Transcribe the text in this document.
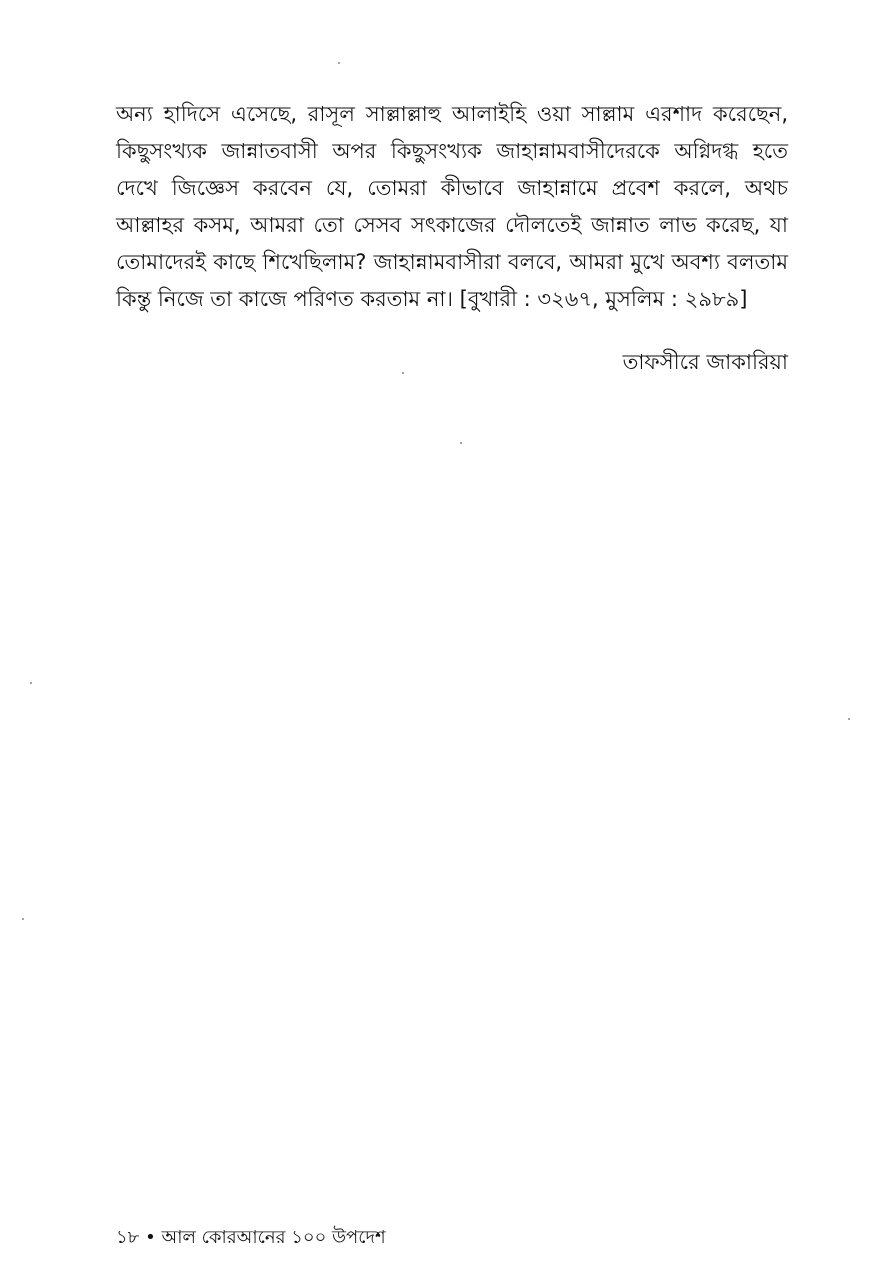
অন্য হাদিসে এসেছে, রাসূল সাল্লাল্লাহু আলাইহি ওয়া সাল্লাম এরশাদ করেছেন, কিছুসংখ্যক জান্নাতবাসী অপর কিছুসংখ্যক জাহান্নামবাসীদেরকে অগ্নিদগ্ধ হতে দেখে জিজ্ঞেস করবেন যে, তোমরা কীভাবে জাহান্নামে প্রবেশ করলে, অথচ আল্লাহর কসম, আমরা তো সেসব সৎকাজের দৌলতেই জান্নাত লাভ করেছ, যা তোমাদেরই কাছে শিখেছিলাম? জাহান্নামবাসীরা বলবে, আমরা মুখে অবশ্য বলতাম কিন্তু নিজে তা কাজে পরিণত করতাম না। [বুখারী : ৩২৬৭, মুসলিম : ২৯৮৯]

তাফসীরে জাকারিয়া

১৮ • আল কোরআনের ১০০ উপদেশ
